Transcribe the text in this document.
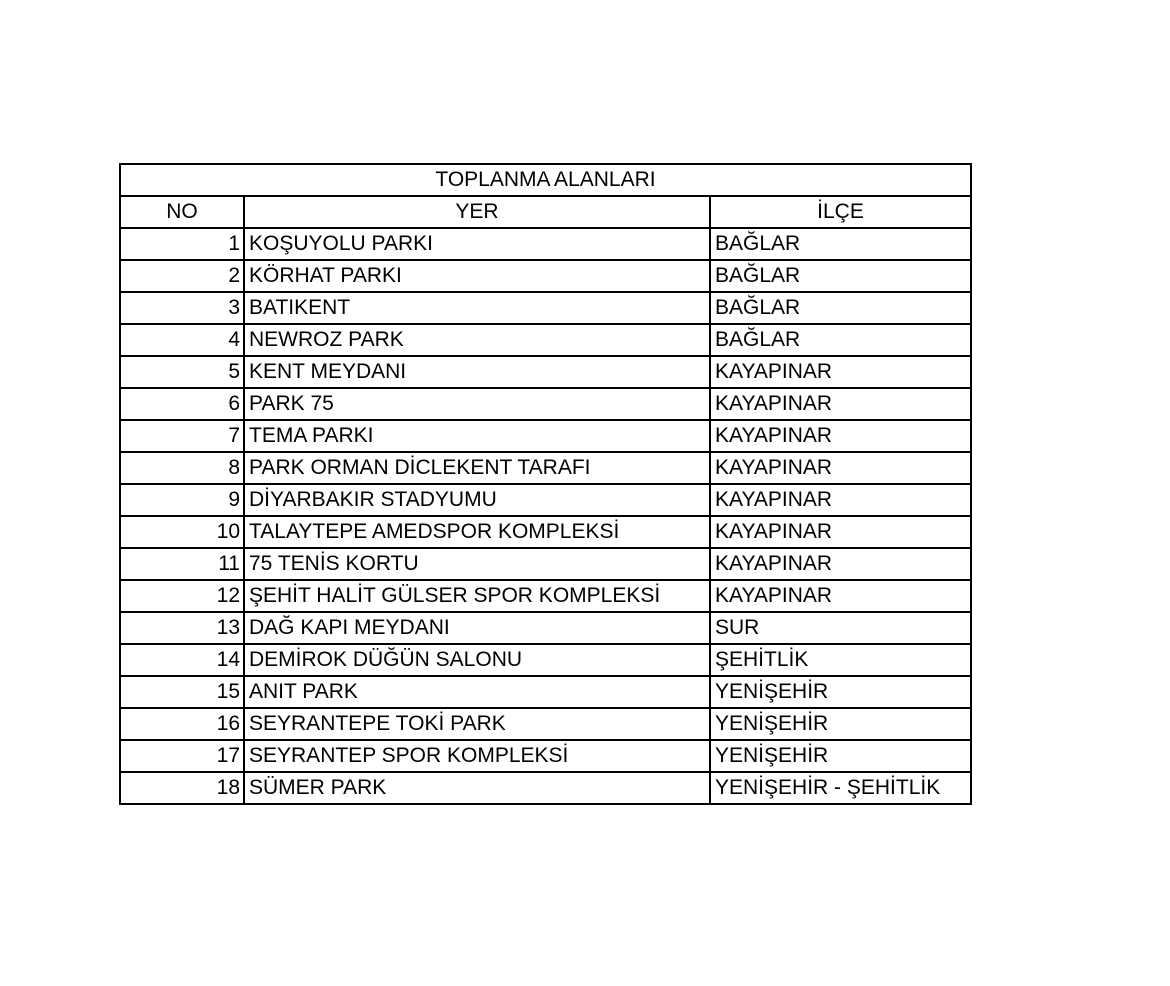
TOPLANMA ALANLARI		
NO	YER	İLÇE
1	KOŞUYOLU PARKI	BAĞLAR
2	KÖRHAT PARKI	BAĞLAR
3	BATIKENT	BAĞLAR
4	NEWROZ PARK	BAĞLAR
5	KENT MEYDANI	KAYAPINAR
6	PARK 75	KAYAPINAR
7	TEMA PARKI	KAYAPINAR
8	PARK ORMAN DİCLEKENT TARAFI	KAYAPINAR
9	DİYARBAKIR STADYUMU	KAYAPINAR
10	TALAYTEPE AMEDSPOR KOMPLEKSİ	KAYAPINAR
11	75 TENİS KORTU	KAYAPINAR
12	ŞEHİT HALİT GÜLSER SPOR KOMPLEKSİ	KAYAPINAR
13	DAĞ KAPI MEYDANI	SUR
14	DEMİROK DÜĞÜN SALONU	ŞEHİTLİK
15	ANIT PARK	YENİŞEHİR
16	SEYRANTEPE TOKİ PARK	YENİŞEHİR
17	SEYRANTEP SPOR KOMPLEKSİ	YENİŞEHİR
18	SÜMER PARK	YENİŞEHİR - ŞEHİTLİK
